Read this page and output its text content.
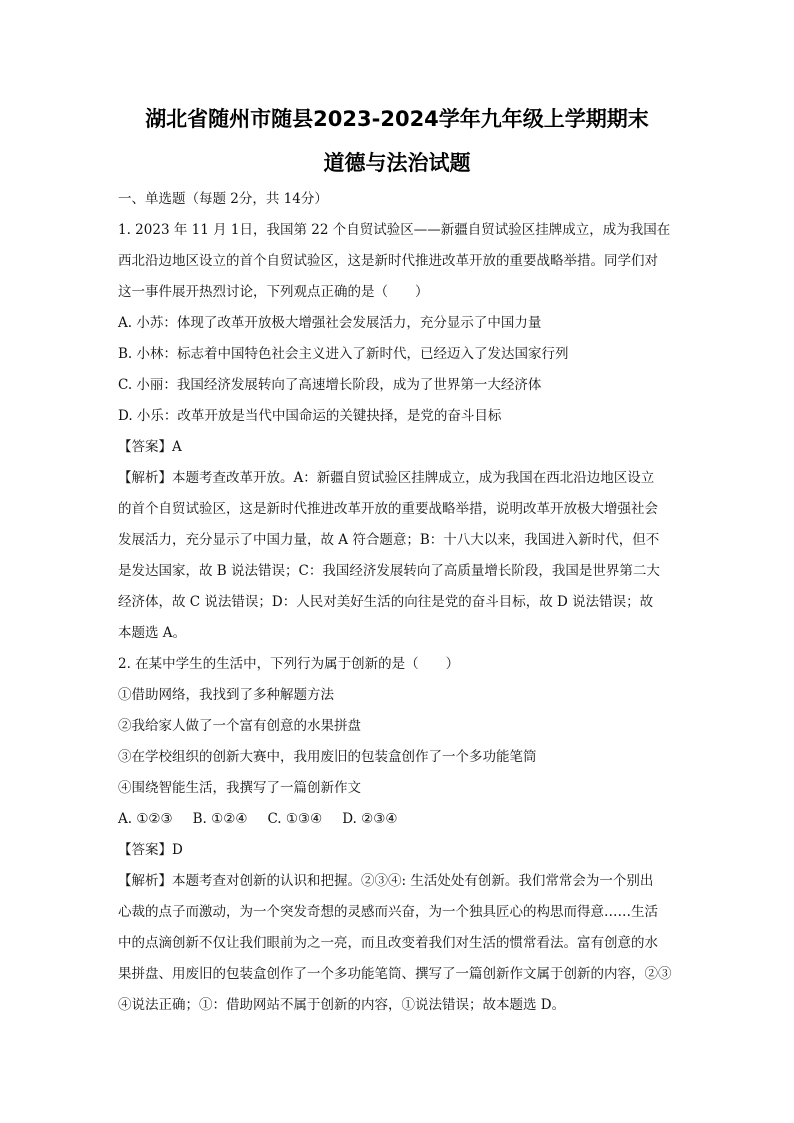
湖北省随州市随县2023-2024学年九年级上学期期末
道德与法治试题
一、单选题（每题 2分，共 14分）
1. 2023 年 11 月 1日，我国第 22 个自贸试验区——新疆自贸试验区挂牌成立，成为我国在
西北沿边地区设立的首个自贸试验区，这是新时代推进改革开放的重要战略举措。同学们对
这一事件展开热烈讨论，下列观点正确的是（　　）
A. 小苏：体现了改革开放极大增强社会发展活力，充分显示了中国力量
B. 小林：标志着中国特色社会主义进入了新时代，已经迈入了发达国家行列
C. 小丽：我国经济发展转向了高速增长阶段，成为了世界第一大经济体
D. 小乐：改革开放是当代中国命运的关键抉择，是党的奋斗目标
【答案】A
【解析】本题考查改革开放。A：新疆自贸试验区挂牌成立，成为我国在西北沿边地区设立
的首个自贸试验区，这是新时代推进改革开放的重要战略举措，说明改革开放极大增强社会
发展活力，充分显示了中国力量，故 A 符合题意；B：十八大以来，我国进入新时代，但不
是发达国家，故 B 说法错误；C：我国经济发展转向了高质量增长阶段，我国是世界第二大
经济体，故 C 说法错误；D：人民对美好生活的向往是党的奋斗目标，故 D 说法错误；故
本题选 A。
2. 在某中学生的生活中，下列行为属于创新的是（　　）
①借助网络，我找到了多种解题方法
②我给家人做了一个富有创意的水果拼盘
③在学校组织的创新大赛中，我用废旧的包装盒创作了一个多功能笔筒
④围绕智能生活，我撰写了一篇创新作文
A. ①②③ B. ①②④ C. ①③④ D. ②③④
【答案】D
【解析】本题考查对创新的认识和把握。②③④: 生活处处有创新。我们常常会为一个别出
心裁的点子而激动，为一个突发奇想的灵感而兴奋，为一个独具匠心的构思而得意……生活
中的点滴创新不仅让我们眼前为之一亮，而且改变着我们对生活的惯常看法。富有创意的水
果拼盘、用废旧的包装盒创作了一个多功能笔筒、撰写了一篇创新作文属于创新的内容，②③
④说法正确；①：借助网站不属于创新的内容，①说法错误；故本题选 D。
